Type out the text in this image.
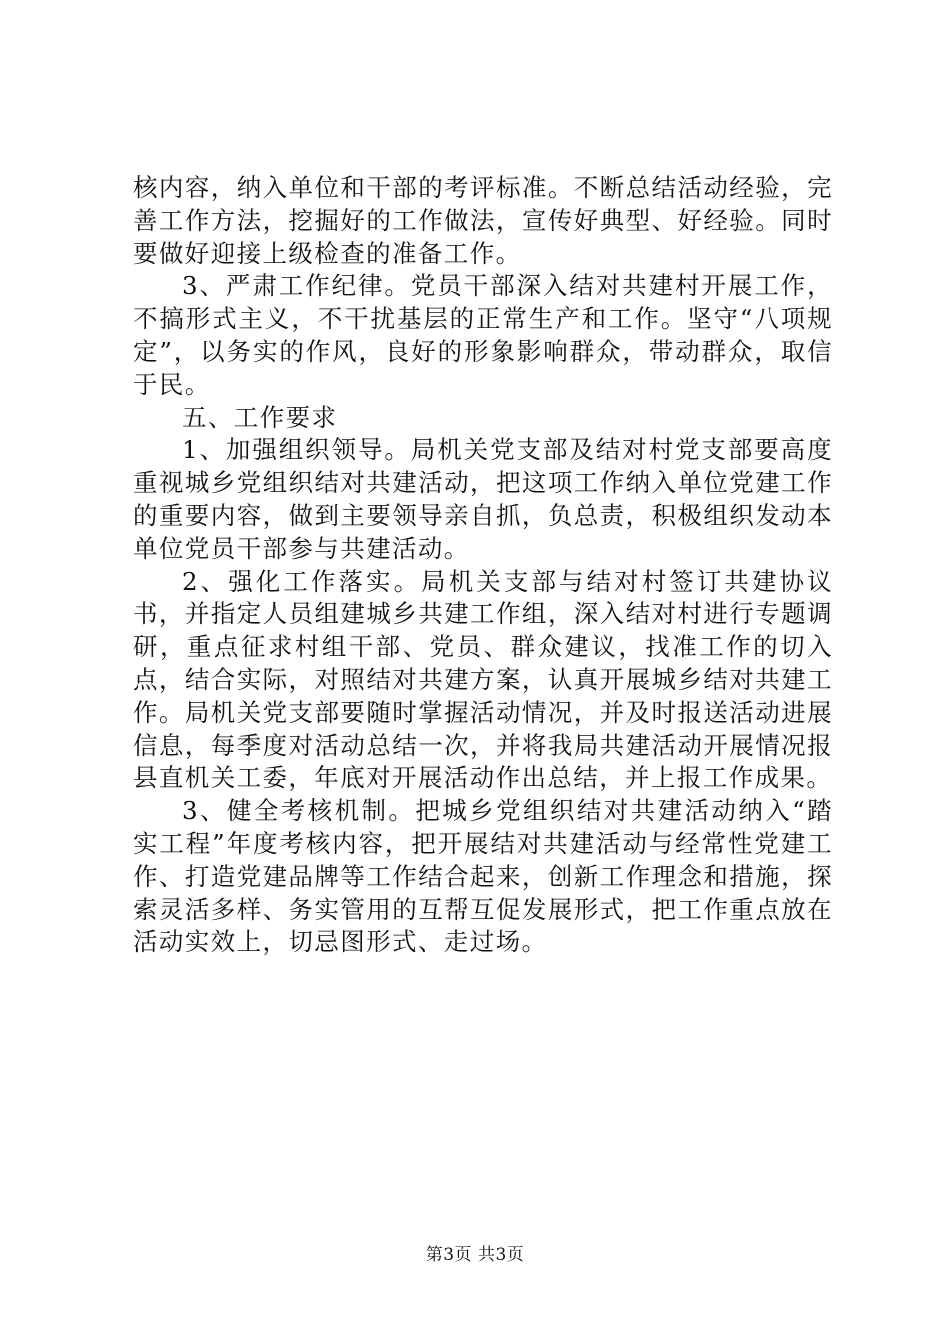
核内容，纳入单位和干部的考评标准。不断总结活动经验，完善工作方法，挖掘好的工作做法，宣传好典型、好经验。同时要做好迎接上级检查的准备工作。

3、严肃工作纪律。党员干部深入结对共建村开展工作，不搞形式主义，不干扰基层的正常生产和工作。坚守“八项规定”，以务实的作风，良好的形象影响群众，带动群众，取信于民。

五、工作要求

1、加强组织领导。局机关党支部及结对村党支部要高度重视城乡党组织结对共建活动，把这项工作纳入单位党建工作的重要内容，做到主要领导亲自抓，负总责，积极组织发动本单位党员干部参与共建活动。

2、强化工作落实。局机关支部与结对村签订共建协议书，并指定人员组建城乡共建工作组，深入结对村进行专题调研，重点征求村组干部、党员、群众建议，找准工作的切入点，结合实际，对照结对共建方案，认真开展城乡结对共建工作。局机关党支部要随时掌握活动情况，并及时报送活动进展信息，每季度对活动总结一次，并将我局共建活动开展情况报县直机关工委，年底对开展活动作出总结，并上报工作成果。

3、健全考核机制。把城乡党组织结对共建活动纳入“踏实工程”年度考核内容，把开展结对共建活动与经常性党建工作、打造党建品牌等工作结合起来，创新工作理念和措施，探索灵活多样、务实管用的互帮互促发展形式，把工作重点放在活动实效上，切忌图形式、走过场。

第3页 共3页
